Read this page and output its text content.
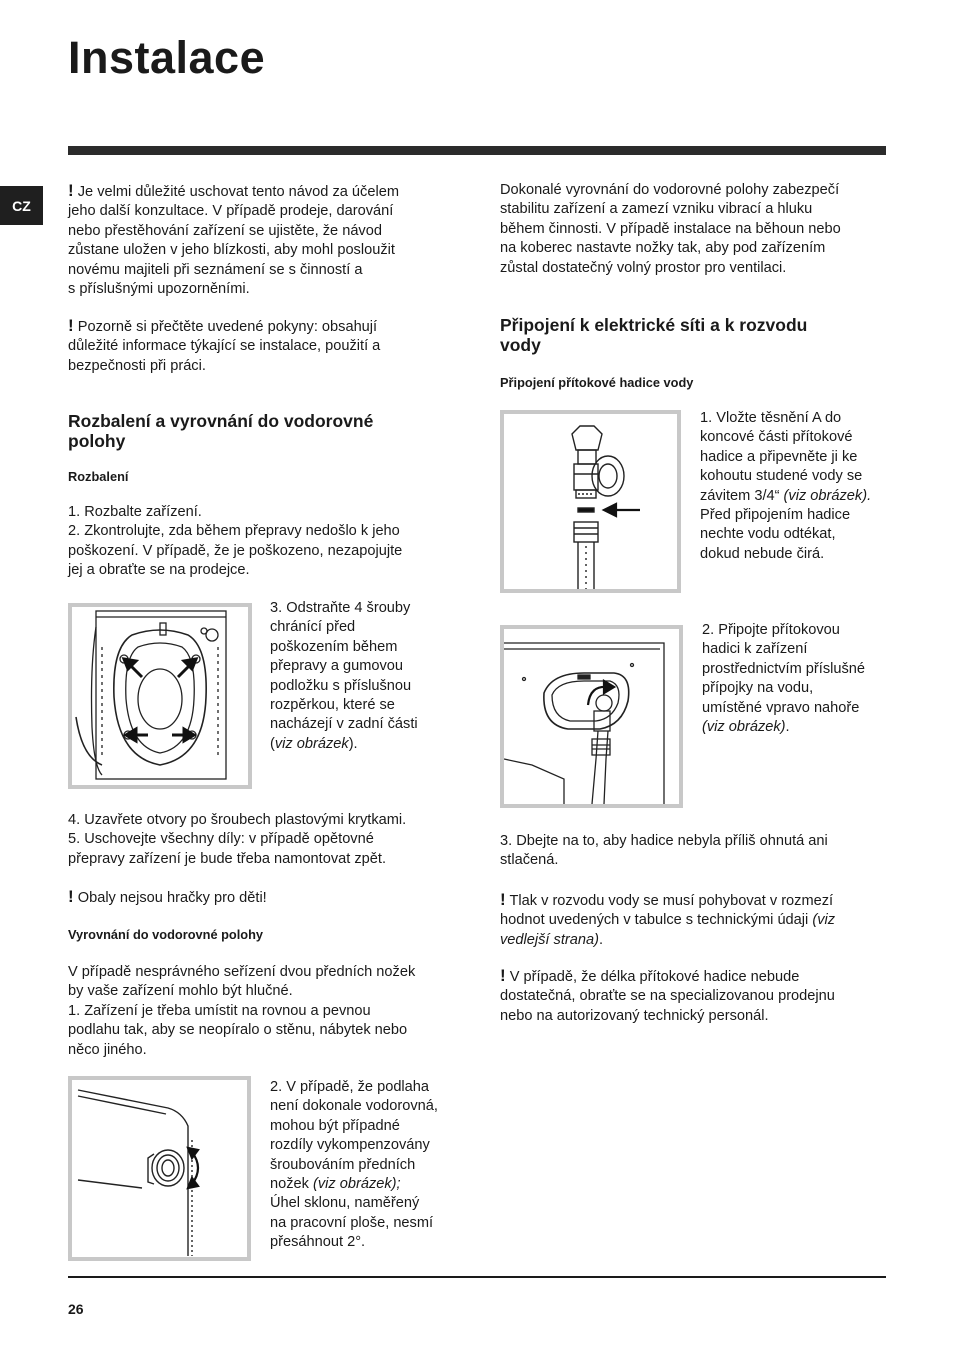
Instalace
CZ

! Je velmi důležité uschovat tento návod za účelem

jeho další konzultace. V případě prodeje, darování

nebo přestěhování zařízení se ujistěte, že návod

zůstane uložen v jeho blízkosti, aby mohl posloužit

novému majiteli při seznámení se s činností a

s příslušnými upozorněními.

! Pozorně si přečtěte uvedené pokyny: obsahují

důležité informace týkající se instalace, použití a

bezpečnosti při práci.

Rozbalení a vyrovnání do vodorovné

polohy

Rozbalení

1. Rozbalte zařízení.

2. Zkontrolujte, zda během přepravy nedošlo k jeho

poškození. V případě, že je poškozeno, nezapojujte

jej a obraťte se na prodejce.

3. Odstraňte 4 šrouby

chránící před

poškozením během

přepravy a gumovou

podložku s příslušnou

rozpěrkou, které se

nacházejí v zadní části

(viz obrázek).

4. Uzavřete otvory po šroubech plastovými krytkami.

5. Uschovejte všechny díly: v případě opětovné

přepravy zařízení je bude třeba namontovat zpět.

! Obaly nejsou hračky pro děti!

Vyrovnání do vodorovné polohy

V případě nesprávného seřízení dvou předních nožek

by vaše zařízení mohlo být hlučné.

1. Zařízení je třeba umístit na rovnou a pevnou

podlahu tak, aby se neopíralo o stěnu, nábytek nebo

něco jiného.

2. V případě, že podlaha

není dokonale vodorovná,

mohou být případné

rozdíly vykompenzovány

šroubováním předních

nožek (viz obrázek);

Úhel sklonu, naměřený

na pracovní ploše, nesmí

přesáhnout 2°.

Dokonalé vyrovnání do vodorovné polohy zabezpečí

stabilitu zařízení a zamezí vzniku vibrací a hluku

během činnosti. V případě instalace na běhoun nebo

na koberec nastavte nožky tak, aby pod zařízením

zůstal dostatečný volný prostor pro ventilaci.

Připojení k elektrické síti a k rozvodu

vody

Připojení přítokové hadice vody

1. Vložte těsnění A do

koncové části přítokové

hadice a připevněte ji ke

kohoutu studené vody se

závitem 3/4“ (viz obrázek).

Před připojením hadice

nechte vodu odtékat,

dokud nebude čirá.

2. Připojte přítokovou

hadici k zařízení

prostřednictvím příslušné

přípojky na vodu,

umístěné vpravo nahoře

(viz obrázek).

3. Dbejte na to, aby hadice nebyla příliš ohnutá ani

stlačená.

! Tlak v rozvodu vody se musí pohybovat v rozmezí

hodnot uvedených v tabulce s technickými údaji (viz

vedlejší strana).

! V případě, že délka přítokové hadice nebude

dostatečná, obraťte se na specializovanou prodejnu

nebo na autorizovaný technický personál.

26
